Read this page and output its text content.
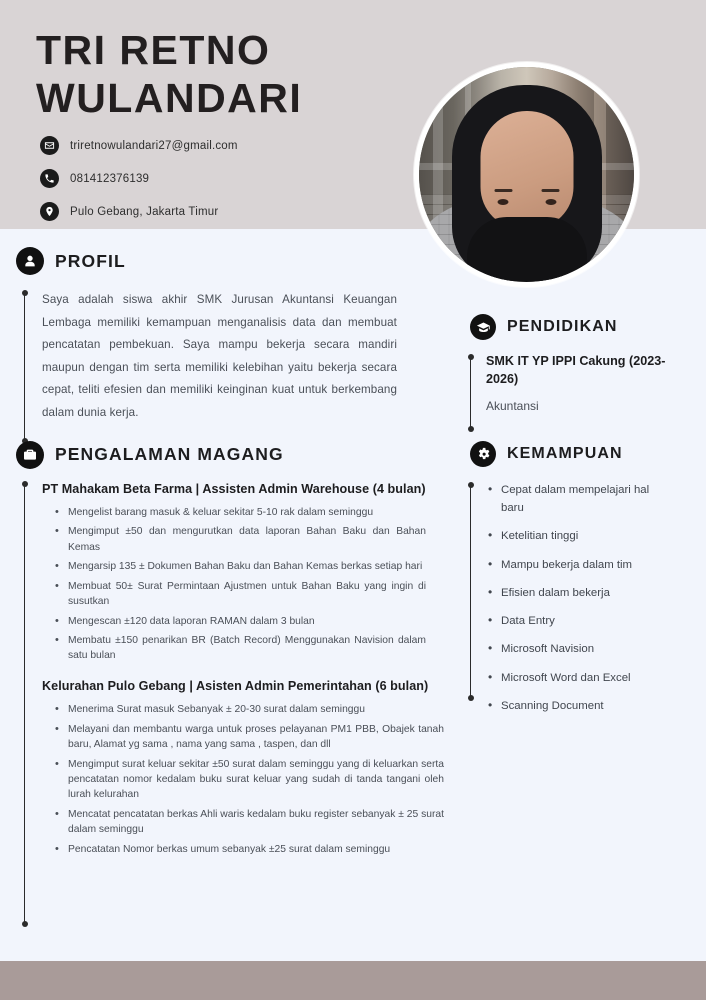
TRI RETNO
WULANDARI
triretnowulandari27@gmail.com
081412376139
Pulo Gebang, Jakarta Timur
PROFIL

Saya adalah siswa akhir SMK Jurusan Akuntansi Keuangan Lembaga memiliki kemampuan menganalisis data dan membuat pencatatan pembekuan. Saya mampu bekerja secara mandiri maupun dengan tim serta memiliki kelebihan yaitu bekerja secara cepat, teliti efesien dan memiliki keinginan kuat untuk berkembang dalam dunia kerja.

PENGALAMAN MAGANG
PT Mahakam Beta Farma | Assisten Admin Warehouse (4 bulan)
• Mengelist barang masuk & keluar sekitar 5-10 rak dalam seminggu
• Mengimput ±50 dan mengurutkan data laporan Bahan Baku dan Bahan Kemas
• Mengarsip 135 ± Dokumen Bahan Baku dan Bahan Kemas berkas setiap hari
• Membuat 50± Surat Permintaan Ajustmen untuk Bahan Baku yang ingin di susutkan
• Mengescan ±120 data laporan RAMAN dalam 3 bulan
• Membatu ±150 penarikan BR (Batch Record) Menggunakan Navision dalam satu bulan
Kelurahan Pulo Gebang | Asisten Admin Pemerintahan (6 bulan)
• Menerima Surat masuk Sebanyak ± 20-30 surat dalam seminggu
• Melayani dan membantu warga untuk proses pelayanan PM1 PBB, Obajek tanah baru, Alamat yg sama , nama yang sama , taspen, dan dll
• Mengimput surat keluar sekitar ±50 surat dalam seminggu yang di keluarkan serta pencatatan nomor kedalam buku surat keluar yang sudah di tanda tangani oleh lurah kelurahan
• Mencatat pencatatan berkas Ahli waris kedalam buku register sebanyak ± 25 surat dalam seminggu
• Pencatatan Nomor berkas umum sebanyak ±25 surat dalam seminggu
PENDIDIKAN
SMK IT YP IPPI Cakung (2023-2026)
Akuntansi
KEMAMPUAN
• Cepat dalam mempelajari hal baru
• Ketelitian tinggi
• Mampu bekerja dalam tim
• Efisien dalam bekerja
• Data Entry
• Microsoft Navision
• Microsoft Word dan Excel
• Scanning Document
